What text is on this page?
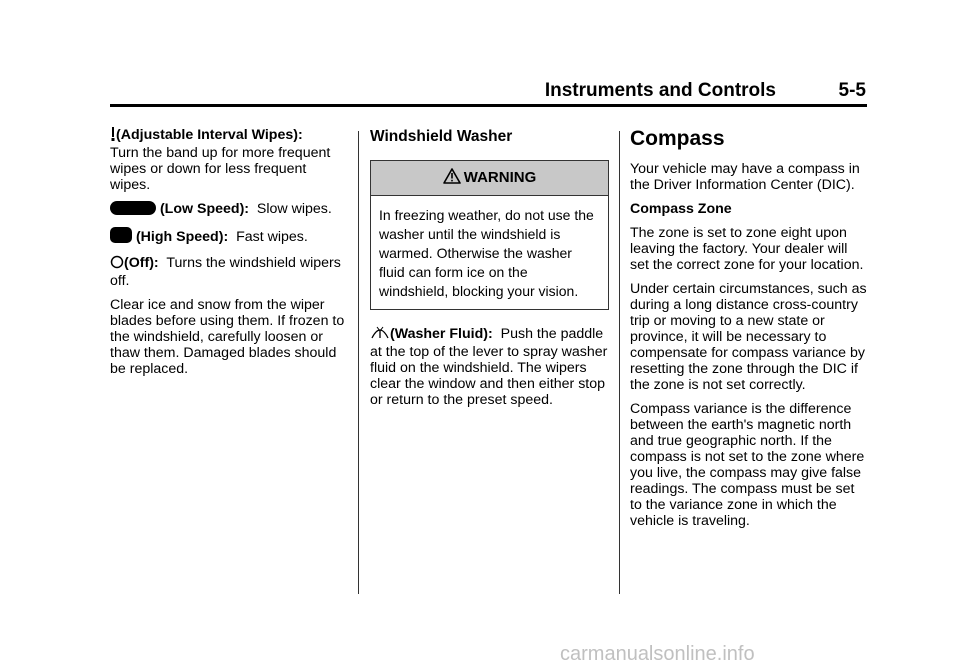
Instruments and Controls	5-5

(Adjustable Interval Wipes):
Turn the band up for more frequent wipes or down for less frequent wipes.

(Low Speed): Slow wipes.

(High Speed): Fast wipes.

(Off): Turns the windshield wipers off.

Clear ice and snow from the wiper blades before using them. If frozen to the windshield, carefully loosen or thaw them. Damaged blades should be replaced.

Windshield Washer
WARNING
In freezing weather, do not use the washer until the windshield is warmed. Otherwise the washer fluid can form ice on the windshield, blocking your vision.

(Washer Fluid): Push the paddle at the top of the lever to spray washer fluid on the windshield. The wipers clear the window and then either stop or return to the preset speed.

Compass

Your vehicle may have a compass in the Driver Information Center (DIC).

Compass Zone

The zone is set to zone eight upon leaving the factory. Your dealer will set the correct zone for your location.

Under certain circumstances, such as during a long distance cross-country trip or moving to a new state or province, it will be necessary to compensate for compass variance by resetting the zone through the DIC if the zone is not set correctly.

Compass variance is the difference between the earth's magnetic north and true geographic north. If the compass is not set to the zone where you live, the compass may give false readings. The compass must be set to the variance zone in which the vehicle is traveling.

carmanualsonline.info
